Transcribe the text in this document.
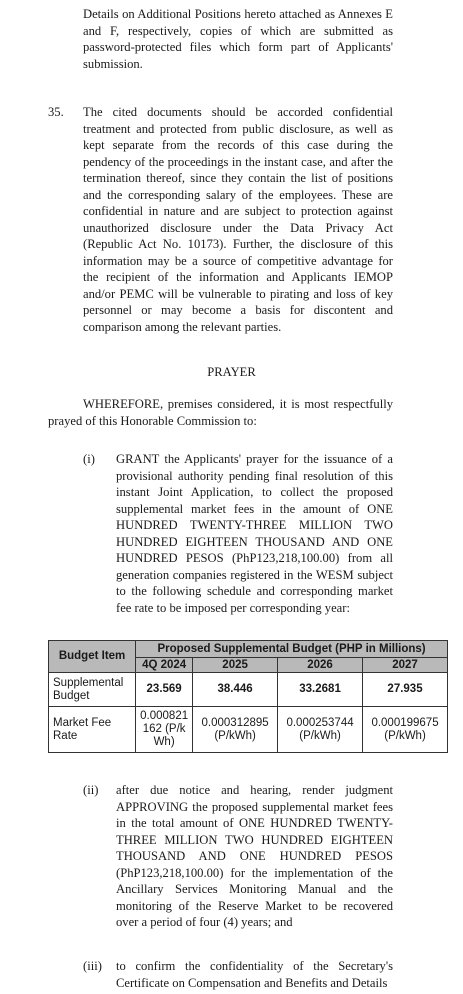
Details on Additional Positions hereto attached as Annexes E and F, respectively, copies of which are submitted as password-protected files which form part of Applicants' submission.
35. The cited documents should be accorded confidential treatment and protected from public disclosure, as well as kept separate from the records of this case during the pendency of the proceedings in the instant case, and after the termination thereof, since they contain the list of positions and the corresponding salary of the employees. These are confidential in nature and are subject to protection against unauthorized disclosure under the Data Privacy Act (Republic Act No. 10173). Further, the disclosure of this information may be a source of competitive advantage for the recipient of the information and Applicants IEMOP and/or PEMC will be vulnerable to pirating and loss of key personnel or may become a basis for discontent and comparison among the relevant parties.
PRAYER
WHEREFORE, premises considered, it is most respectfully prayed of this Honorable Commission to:
(i) GRANT the Applicants' prayer for the issuance of a provisional authority pending final resolution of this instant Joint Application, to collect the proposed supplemental market fees in the amount of ONE HUNDRED TWENTY-THREE MILLION TWO HUNDRED EIGHTEEN THOUSAND AND ONE HUNDRED PESOS (PhP123,218,100.00) from all generation companies registered in the WESM subject to the following schedule and corresponding market fee rate to be imposed per corresponding year:
Budget Item	Proposed Supplemental Budget (PHP in Millions)			
	4Q 2024	2025	2026	2027
Supplemental Budget	23.569	38.446	33.2681	27.935
Market Fee Rate	0.000821162 (P/kWh)	0.000312895 (P/kWh)	0.000253744 (P/kWh)	0.000199675 (P/kWh)
(ii) after due notice and hearing, render judgment APPROVING the proposed supplemental market fees in the total amount of ONE HUNDRED TWENTY-THREE MILLION TWO HUNDRED EIGHTEEN THOUSAND AND ONE HUNDRED PESOS (PhP123,218,100.00) for the implementation of the Ancillary Services Monitoring Manual and the monitoring of the Reserve Market to be recovered over a period of four (4) years; and
(iii) to confirm the confidentiality of the Secretary's Certificate on Compensation and Benefits and Details
